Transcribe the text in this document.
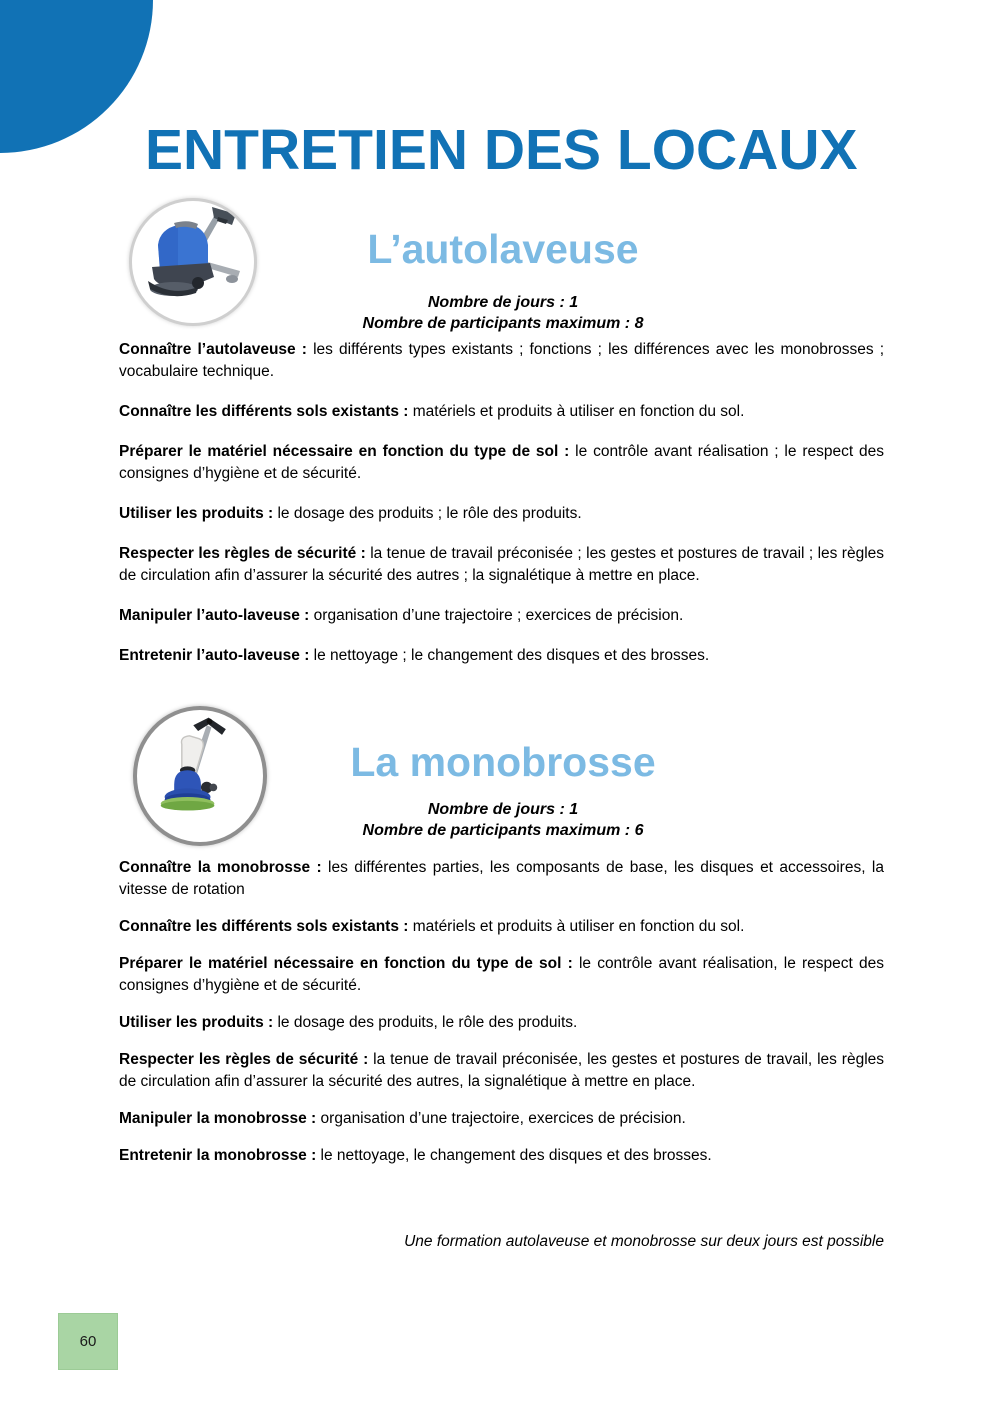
ENTRETIEN DES LOCAUX
L’autolaveuse
Nombre de jours : 1
Nombre de participants maximum : 8

Connaître l’autolaveuse : les différents types existants ; fonctions ; les différences avec les monobrosses ; vocabulaire technique.

Connaître les différents sols existants : matériels et produits à utiliser en fonction du sol.

Préparer le matériel nécessaire en fonction du type de sol : le contrôle avant réalisation ; le respect des consignes d’hygiène et de sécurité.

Utiliser les produits : le dosage des produits ; le rôle des produits.

Respecter les règles de sécurité : la tenue de travail préconisée ; les gestes et postures de travail ; les règles de circulation afin d’assurer la sécurité des autres ; la signalétique à mettre en place.

Manipuler l’auto-laveuse : organisation d’une trajectoire ; exercices de précision.

Entretenir l’auto-laveuse : le nettoyage ; le changement des disques et des brosses.

La monobrosse
Nombre de jours : 1
Nombre de participants maximum : 6

Connaître la monobrosse : les différentes parties, les composants de base, les disques et accessoires, la vitesse de rotation

Connaître les différents sols existants : matériels et produits à utiliser en fonction du sol.

Préparer le matériel nécessaire en fonction du type de sol : le contrôle avant réalisation, le respect des consignes d’hygiène et de sécurité.

Utiliser les produits : le dosage des produits, le rôle des produits.

Respecter les règles de sécurité : la tenue de travail préconisée, les gestes et postures de travail, les règles de circulation afin d’assurer la sécurité des autres, la signalétique à mettre en place.

Manipuler la monobrosse : organisation d’une trajectoire, exercices de précision.

Entretenir la monobrosse : le nettoyage, le changement des disques et des brosses.

Une formation autolaveuse et monobrosse sur deux jours est possible
60
